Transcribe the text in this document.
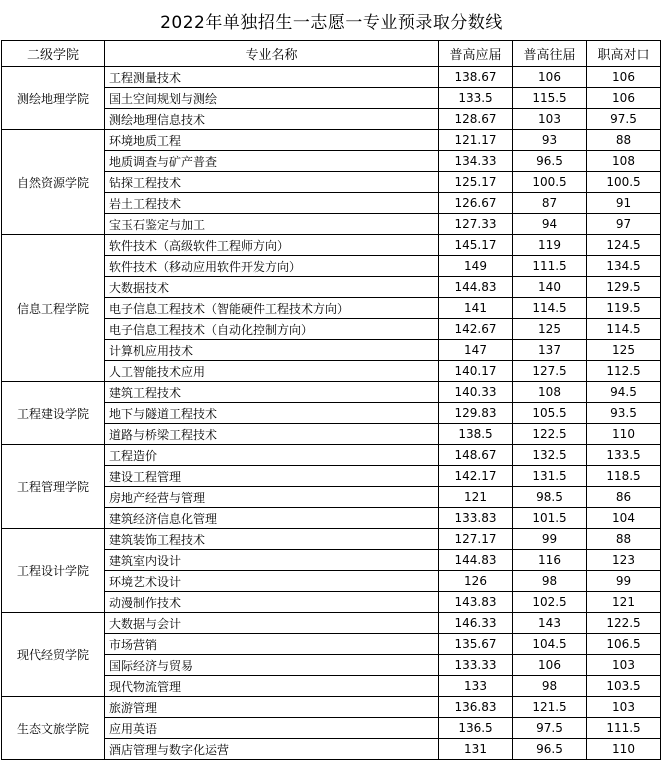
2022年单独招生一志愿一专业预录取分数线
二级学院	专业名称	普高应届	普高往届	职高对口
测绘地理学院	工程测量技术	138.67	106	106
	国土空间规划与测绘	133.5	115.5	106
	测绘地理信息技术	128.67	103	97.5
自然资源学院	环境地质工程	121.17	93	88
	地质调查与矿产普查	134.33	96.5	108
	钻探工程技术	125.17	100.5	100.5
	岩土工程技术	126.67	87	91
	宝玉石鉴定与加工	127.33	94	97
信息工程学院	软件技术（高级软件工程师方向）	145.17	119	124.5
	软件技术（移动应用软件开发方向）	149	111.5	134.5
	大数据技术	144.83	140	129.5
	电子信息工程技术（智能硬件工程技术方向）	141	114.5	119.5
	电子信息工程技术（自动化控制方向）	142.67	125	114.5
	计算机应用技术	147	137	125
	人工智能技术应用	140.17	127.5	112.5
工程建设学院	建筑工程技术	140.33	108	94.5
	地下与隧道工程技术	129.83	105.5	93.5
	道路与桥梁工程技术	138.5	122.5	110
工程管理学院	工程造价	148.67	132.5	133.5
	建设工程管理	142.17	131.5	118.5
	房地产经营与管理	121	98.5	86
	建筑经济信息化管理	133.83	101.5	104
工程设计学院	建筑装饰工程技术	127.17	99	88
	建筑室内设计	144.83	116	123
	环境艺术设计	126	98	99
	动漫制作技术	143.83	102.5	121
现代经贸学院	大数据与会计	146.33	143	122.5
	市场营销	135.67	104.5	106.5
	国际经济与贸易	133.33	106	103
	现代物流管理	133	98	103.5
生态文旅学院	旅游管理	136.83	121.5	103
	应用英语	136.5	97.5	111.5
	酒店管理与数字化运营	131	96.5	110
